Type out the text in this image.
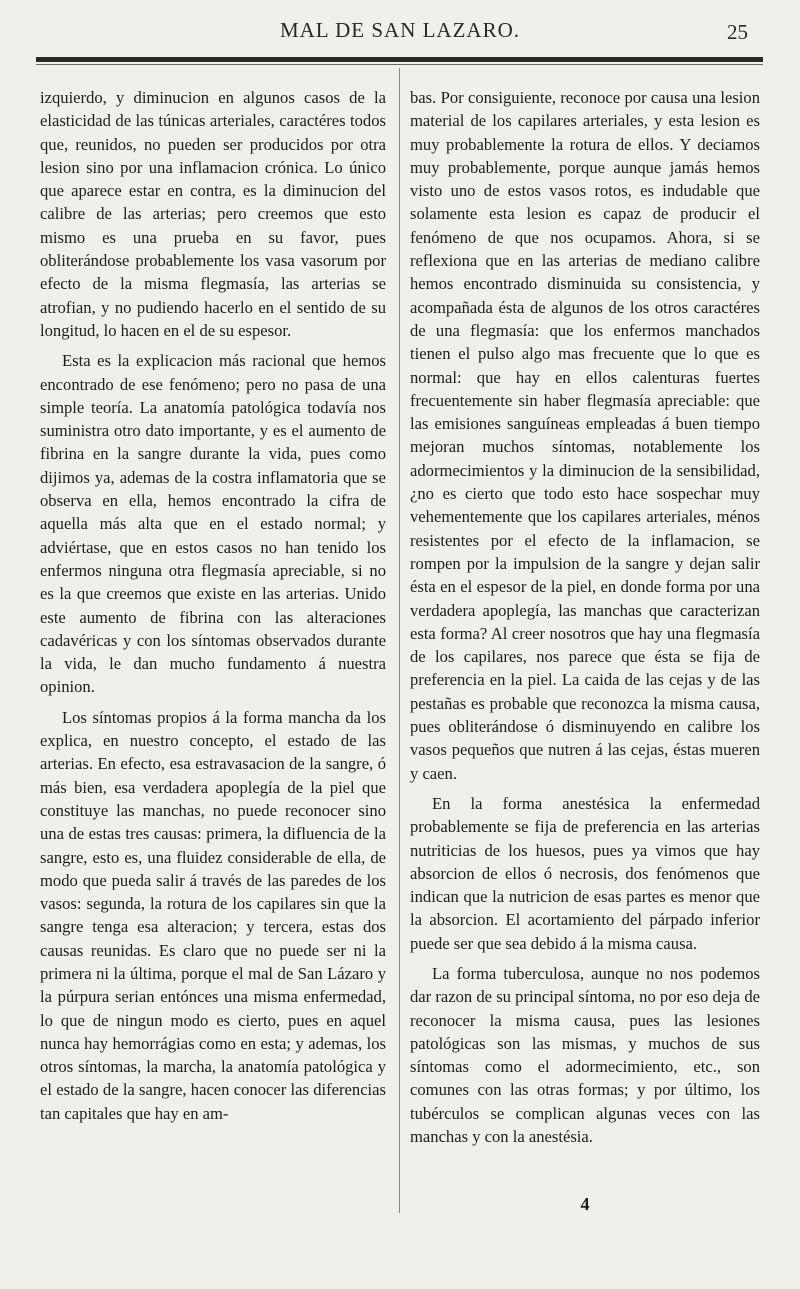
MAL DE SAN LAZARO.	25

izquierdo, y diminucion en algunos casos de la elasticidad de las túnicas arteriales, caractéres todos que, reunidos, no pueden ser producidos por otra lesion sino por una inflamacion crónica. Lo único que aparece estar en contra, es la diminucion del calibre de las arterias; pero creemos que esto mismo es una prueba en su favor, pues obliterándose probablemente los vasa vasorum por efecto de la misma flegmasía, las arterias se atrofian, y no pudiendo hacerlo en el sentido de su longitud, lo hacen en el de su espesor.

Esta es la explicacion más racional que hemos encontrado de ese fenómeno; pero no pasa de una simple teoría. La anatomía patológica todavía nos suministra otro dato importante, y es el aumento de fibrina en la sangre durante la vida, pues como dijimos ya, ademas de la costra inflamatoria que se observa en ella, hemos encontrado la cifra de aquella más alta que en el estado normal; y adviértase, que en estos casos no han tenido los enfermos ninguna otra flegmasía apreciable, si no es la que creemos que existe en las arterias. Unido este aumento de fibrina con las alteraciones cadavéricas y con los síntomas observados durante la vida, le dan mucho fundamento á nuestra opinion.

Los síntomas propios á la forma mancha da los explica, en nuestro concepto, el estado de las arterias. En efecto, esa estravasacion de la sangre, ó más bien, esa verdadera apoplegía de la piel que constituye las manchas, no puede reconocer sino una de estas tres causas: primera, la difluencia de la sangre, esto es, una fluidez considerable de ella, de modo que pueda salir á través de las paredes de los vasos: segunda, la rotura de los capilares sin que la sangre tenga esa alteracion; y tercera, estas dos causas reunidas. Es claro que no puede ser ni la primera ni la última, porque el mal de San Lázaro y la púrpura serian entónces una misma enfermedad, lo que de ningun modo es cierto, pues en aquel nunca hay hemorrágias como en esta; y ademas, los otros síntomas, la marcha, la anatomía patológica y el estado de la sangre, hacen conocer las diferencias tan capitales que hay en am-

bas. Por consiguiente, reconoce por causa una lesion material de los capilares arteriales, y esta lesion es muy probablemente la rotura de ellos. Y deciamos muy probablemente, porque aunque jamás hemos visto uno de estos vasos rotos, es indudable que solamente esta lesion es capaz de producir el fenómeno de que nos ocupamos. Ahora, si se reflexiona que en las arterias de mediano calibre hemos encontrado disminuida su consistencia, y acompañada ésta de algunos de los otros caractéres de una flegmasía: que los enfermos manchados tienen el pulso algo mas frecuente que lo que es normal: que hay en ellos calenturas fuertes frecuentemente sin haber flegmasía apreciable: que las emisiones sanguíneas empleadas á buen tiempo mejoran muchos síntomas, notablemente los adormecimientos y la diminucion de la sensibilidad, ¿no es cierto que todo esto hace sospechar muy vehementemente que los capilares arteriales, ménos resistentes por el efecto de la inflamacion, se rompen por la impulsion de la sangre y dejan salir ésta en el espesor de la piel, en donde forma por una verdadera apoplegía, las manchas que caracterizan esta forma? Al creer nosotros que hay una flegmasía de los capilares, nos parece que ésta se fija de preferencia en la piel. La caida de las cejas y de las pestañas es probable que reconozca la misma causa, pues obliterándose ó disminuyendo en calibre los vasos pequeños que nutren á las cejas, éstas mueren y caen.

En la forma anestésica la enfermedad probablemente se fija de preferencia en las arterias nutriticias de los huesos, pues ya vimos que hay absorcion de ellos ó necrosis, dos fenómenos que indican que la nutricion de esas partes es menor que la absorcion. El acortamiento del párpado inferior puede ser que sea debido á la misma causa.

La forma tuberculosa, aunque no nos podemos dar razon de su principal síntoma, no por eso deja de reconocer la misma causa, pues las lesiones patológicas son las mismas, y muchos de sus síntomas como el adormecimiento, etc., son comunes con las otras formas; y por último, los tubérculos se complican algunas veces con las manchas y con la anestésia.

4
